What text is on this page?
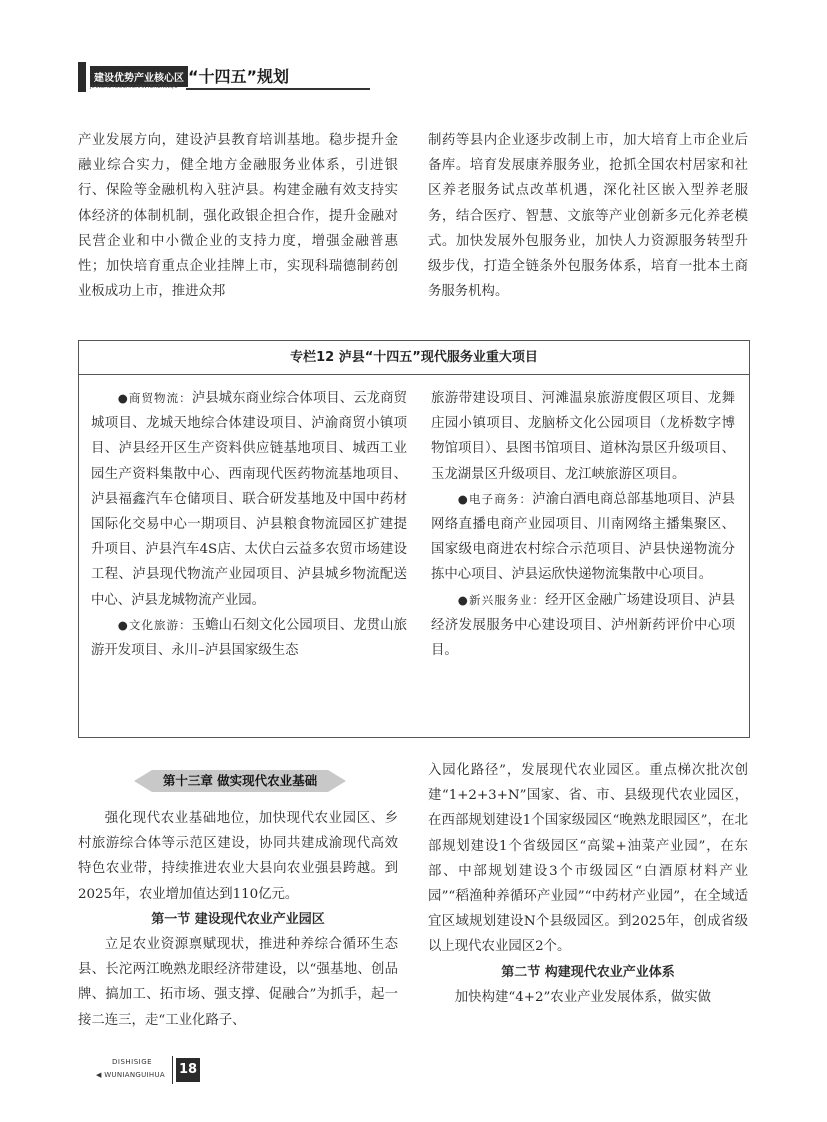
建设优势产业核心区 “十四五”规划
JIANSHEYOUSHICHANYEHEXINQU

产业发展方向，建设泸县教育培训基地。稳步提升金融业综合实力，健全地方金融服务业体系，引进银行、保险等金融机构入驻泸县。构建金融有效支持实体经济的体制机制，强化政银企担合作，提升金融对民营企业和中小微企业的支持力度，增强金融普惠性；加快培育重点企业挂牌上市，实现科瑞德制药创业板成功上市，推进众邦

制药等县内企业逐步改制上市，加大培育上市企业后备库。培育发展康养服务业，抢抓全国农村居家和社区养老服务试点改革机遇，深化社区嵌入型养老服务，结合医疗、智慧、文旅等产业创新多元化养老模式。加快发展外包服务业，加快人力资源服务转型升级步伐，打造全链条外包服务体系，培育一批本土商务服务机构。

专栏12 泸县“十四五”现代服务业重大项目

●商贸物流：泸县城东商业综合体项目、云龙商贸城项目、龙城天地综合体建设项目、泸渝商贸小镇项目、泸县经开区生产资料供应链基地项目、城西工业园生产资料集散中心、西南现代医药物流基地项目、泸县福鑫汽车仓储项目、联合研发基地及中国中药材国际化交易中心一期项目、泸县粮食物流园区扩建提升项目、泸县汽车4S店、太伏白云益多农贸市场建设工程、泸县现代物流产业园项目、泸县城乡物流配送中心、泸县龙城物流产业园。

●文化旅游：玉蟾山石刻文化公园项目、龙贯山旅游开发项目、永川–泸县国家级生态

旅游带建设项目、河滩温泉旅游度假区项目、龙舞庄园小镇项目、龙脑桥文化公园项目（龙桥数字博物馆项目）、县图书馆项目、道林沟景区升级项目、玉龙湖景区升级项目、龙江峡旅游区项目。

●电子商务：泸渝白酒电商总部基地项目、泸县网络直播电商产业园项目、川南网络主播集聚区、国家级电商进农村综合示范项目、泸县快递物流分拣中心项目、泸县运欣快递物流集散中心项目。

●新兴服务业：经开区金融广场建设项目、泸县经济发展服务中心建设项目、泸州新药评价中心项目。

第十三章 做实现代农业基础

强化现代农业基础地位，加快现代农业园区、乡村旅游综合体等示范区建设，协同共建成渝现代高效特色农业带，持续推进农业大县向农业强县跨越。到2025年，农业增加值达到110亿元。

第一节 建设现代农业产业园区

立足农业资源禀赋现状，推进种养综合循环生态县、长沱两江晚熟龙眼经济带建设，以“强基地、创品牌、搞加工、拓市场、强支撑、促融合”为抓手，起一接二连三，走“工业化路子、

入园化路径”，发展现代农业园区。重点梯次批次创建“1+2+3+N”国家、省、市、县级现代农业园区，在西部规划建设1个国家级园区“晚熟龙眼园区”，在北部规划建设1个省级园区“高粱+油菜产业园”，在东部、中部规划建设3个市级园区“白酒原材料产业园”“稻渔种养循环产业园”“中药材产业园”，在全域适宜区域规划建设N个县级园区。到2025年，创成省级以上现代农业园区2个。

第二节 构建现代农业产业体系

加快构建“4+2”农业产业发展体系，做实做

DISHISIGE
◀ WUNIANGUIHUA 18
